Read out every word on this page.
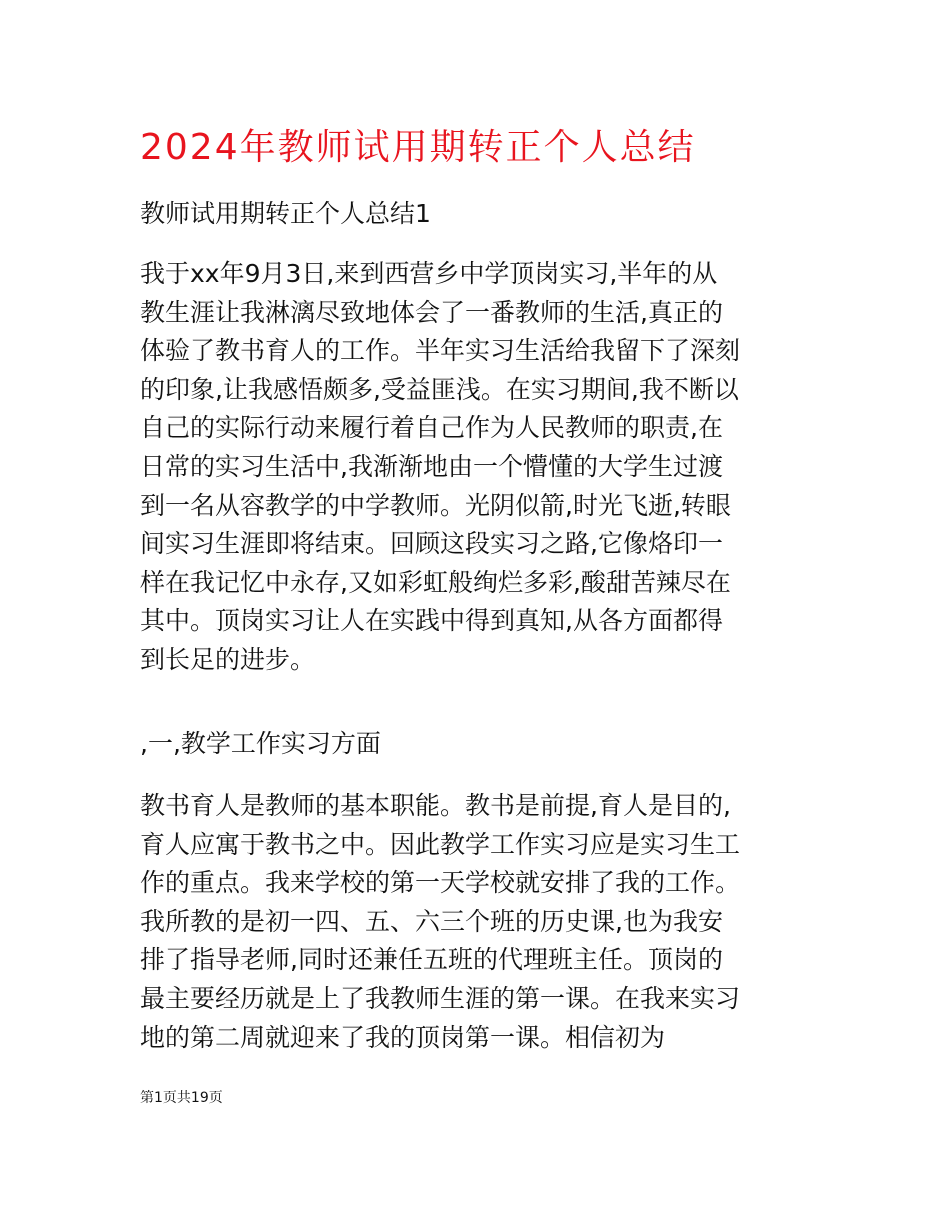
2024年教师试用期转正个人总结
教师试用期转正个人总结1
我于xx年9月3日,来到西营乡中学顶岗实习,半年的从
教生涯让我淋漓尽致地体会了一番教师的生活,真正的
体验了教书育人的工作。半年实习生活给我留下了深刻
的印象,让我感悟颇多,受益匪浅。在实习期间,我不断以
自己的实际行动来履行着自己作为人民教师的职责,在
日常的实习生活中,我渐渐地由一个懵懂的大学生过渡
到一名从容教学的中学教师。光阴似箭,时光飞逝,转眼
间实习生涯即将结束。回顾这段实习之路,它像烙印一
样在我记忆中永存,又如彩虹般绚烂多彩,酸甜苦辣尽在
其中。顶岗实习让人在实践中得到真知,从各方面都得
到长足的进步。
,一,教学工作实习方面
教书育人是教师的基本职能。教书是前提,育人是目的,
育人应寓于教书之中。因此教学工作实习应是实习生工
作的重点。我来学校的第一天学校就安排了我的工作。
我所教的是初一四、五、六三个班的历史课,也为我安
排了指导老师,同时还兼任五班的代理班主任。顶岗的
最主要经历就是上了我教师生涯的第一课。在我来实习
地的第二周就迎来了我的顶岗第一课。相信初为
第1页共19页
